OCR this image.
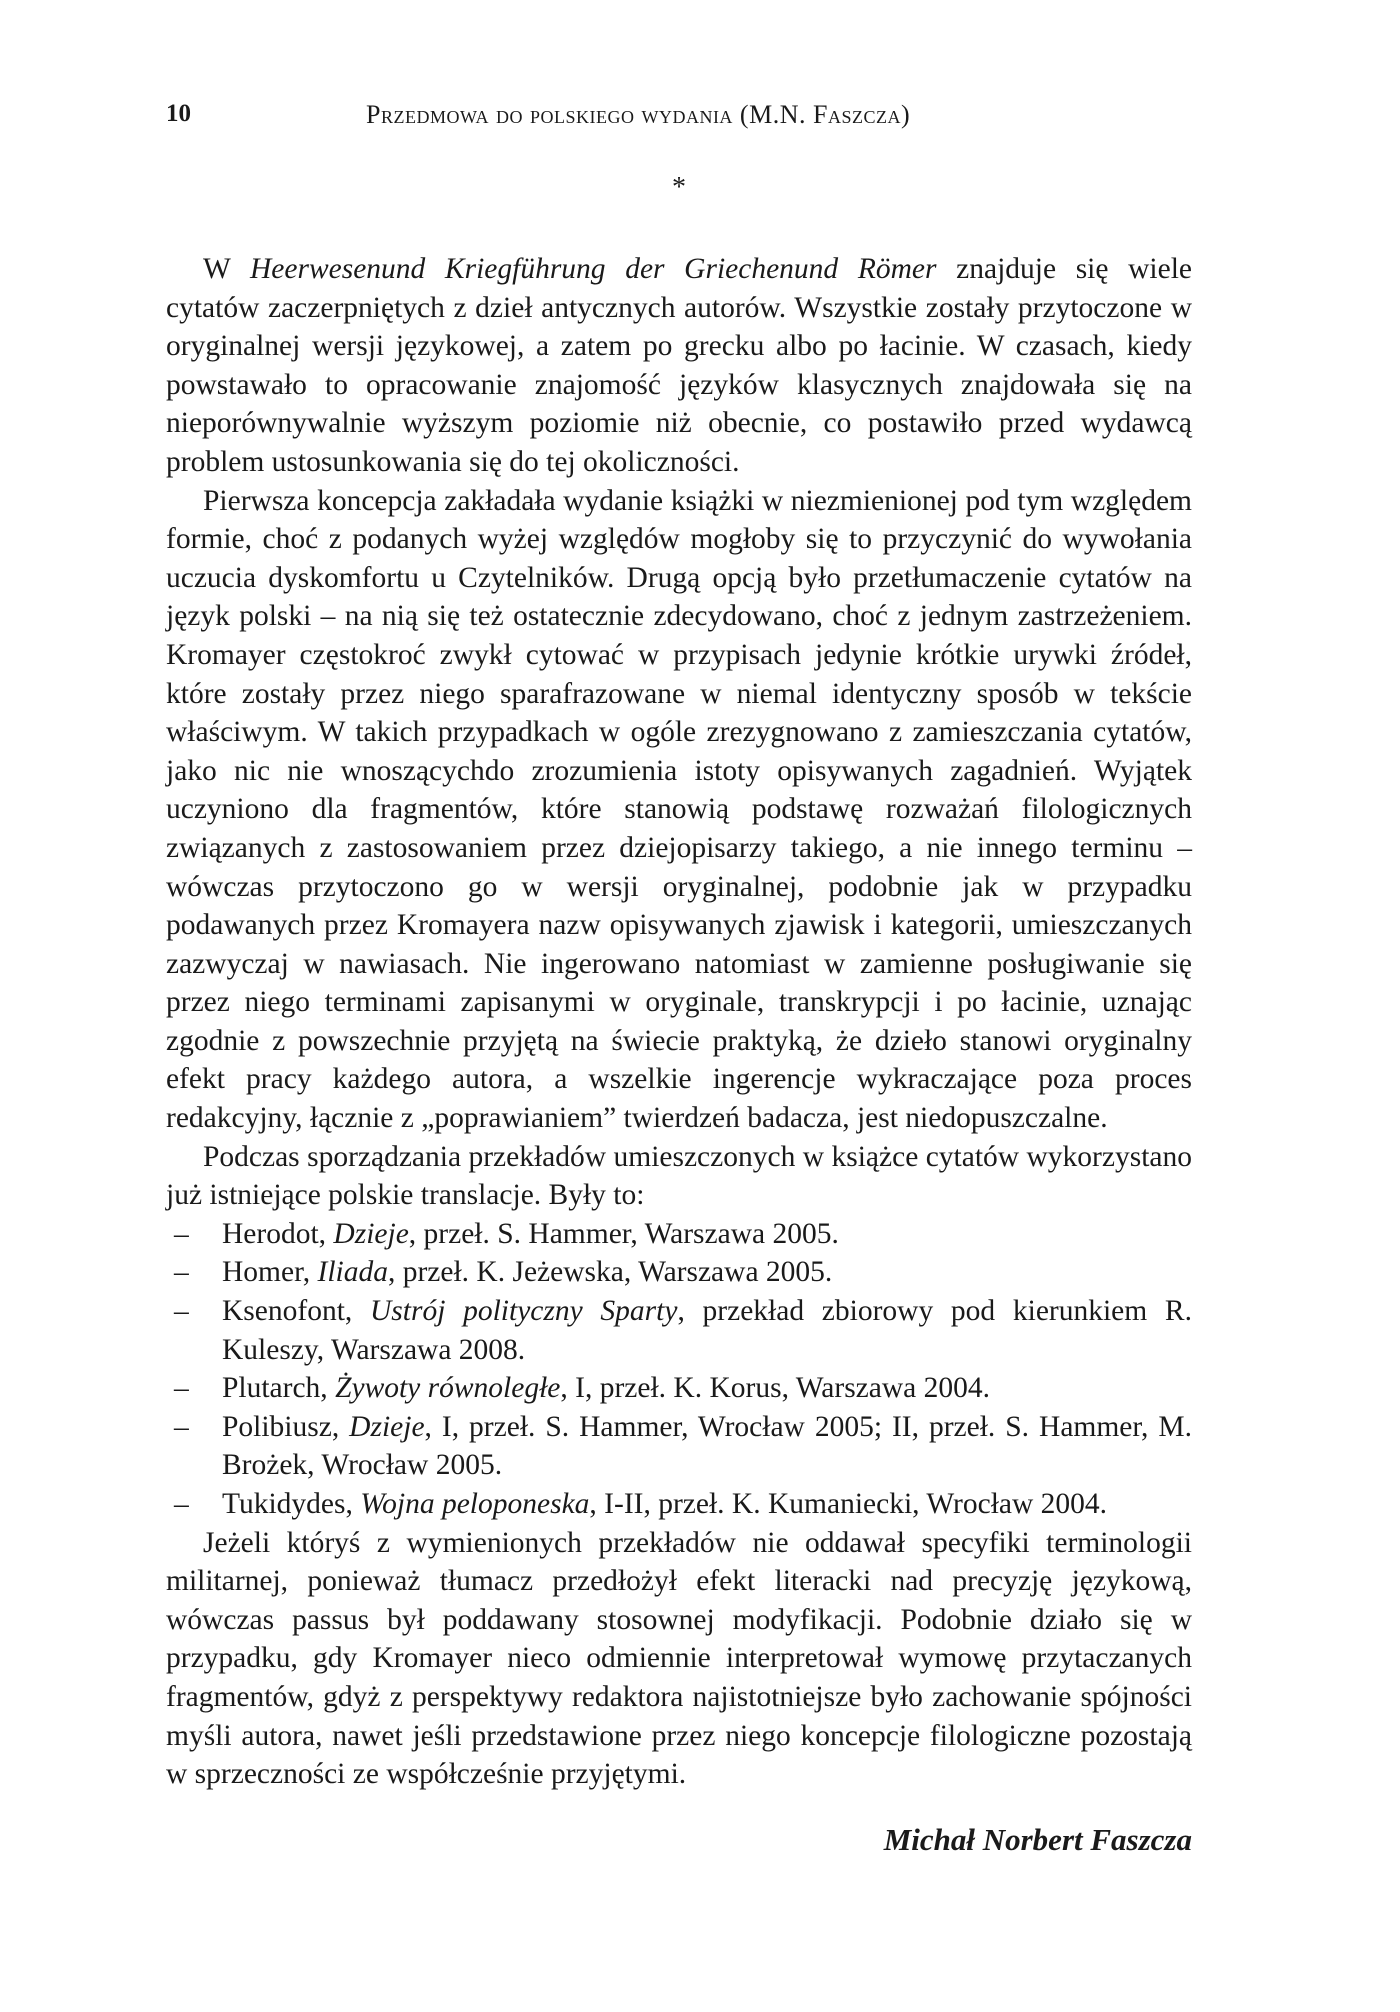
10	Przedmowa do polskiego wydania (M.N. Faszcza)
*

W Heerwesenund Kriegführung der Griechenund Römer znajduje się wiele cytatów zaczerpniętych z dzieł antycznych autorów. Wszystkie zostały przytoczone w oryginalnej wersji językowej, a zatem po grecku albo po łacinie. W czasach, kiedy powstawało to opracowanie znajomość języków klasycznych znajdowała się na nieporównywalnie wyższym poziomie niż obecnie, co postawiło przed wydawcą problem ustosunkowania się do tej okoliczności.

Pierwsza koncepcja zakładała wydanie książki w niezmienionej pod tym względem formie, choć z podanych wyżej względów mogłoby się to przyczynić do wywołania uczucia dyskomfortu u Czytelników. Drugą opcją było przetłumaczenie cytatów na język polski – na nią się też ostatecznie zdecydowano, choć z jednym zastrzeżeniem. Kromayer częstokroć zwykł cytować w przypisach jedynie krótkie urywki źródeł, które zostały przez niego sparafrazowane w niemal identyczny sposób w tekście właściwym. W takich przypadkach w ogóle zrezygnowano z zamieszczania cytatów, jako nic nie wnoszącychdo zrozumienia istoty opisywanych zagadnień. Wyjątek uczyniono dla fragmentów, które stanowią podstawę rozważań filologicznych związanych z zastosowaniem przez dziejopisarzy takiego, a nie innego terminu – wówczas przytoczono go w wersji oryginalnej, podobnie jak w przypadku podawanych przez Kromayera nazw opisywanych zjawisk i kategorii, umieszczanych zazwyczaj w nawiasach. Nie ingerowano natomiast w zamienne posługiwanie się przez niego terminami zapisanymi w oryginale, transkrypcji i po łacinie, uznając zgodnie z powszechnie przyjętą na świecie praktyką, że dzieło stanowi oryginalny efekt pracy każdego autora, a wszelkie ingerencje wykraczające poza proces redakcyjny, łącznie z „poprawianiem” twierdzeń badacza, jest niedopuszczalne.

Podczas sporządzania przekładów umieszczonych w książce cytatów wykorzystano już istniejące polskie translacje. Były to:

– Herodot, Dzieje, przeł. S. Hammer, Warszawa 2005.
– Homer, Iliada, przeł. K. Jeżewska, Warszawa 2005.
– Ksenofont, Ustrój polityczny Sparty, przekład zbiorowy pod kierunkiem R. Kuleszy, Warszawa 2008.
– Plutarch, Żywoty równoległe, I, przeł. K. Korus, Warszawa 2004.
– Polibiusz, Dzieje, I, przeł. S. Hammer, Wrocław 2005; II, przeł. S. Hammer, M. Brożek, Wrocław 2005.
– Tukidydes, Wojna peloponeska, I-II, przeł. K. Kumaniecki, Wrocław 2004.

Jeżeli któryś z wymienionych przekładów nie oddawał specyfiki terminologii militarnej, ponieważ tłumacz przedłożył efekt literacki nad precyzję językową, wówczas passus był poddawany stosownej modyfikacji. Podobnie działo się w przypadku, gdy Kromayer nieco odmiennie interpretował wymowę przytaczanych fragmentów, gdyż z perspektywy redaktora najistotniejsze było zachowanie spójności myśli autora, nawet jeśli przedstawione przez niego koncepcje filologiczne pozostają w sprzeczności ze współcześnie przyjętymi.

Michał Norbert Faszcza
